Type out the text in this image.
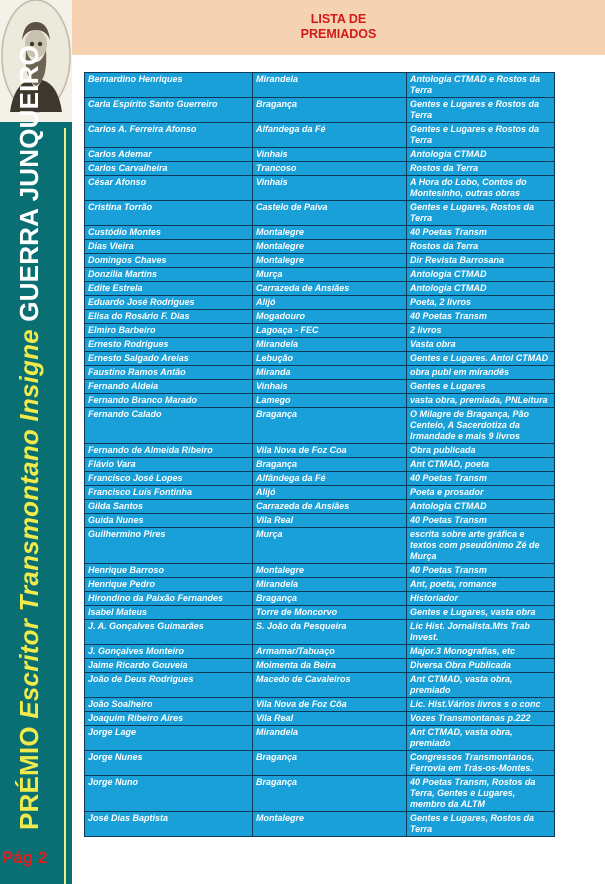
PRÉMIO Escritor Transmontano Insigne GUERRA JUNQUEIRO
Pág 2
LISTA DE
PREMIADOS
Bernardino Henriques	Mirandela	Antologia CTMAD e Rostos da Terra
Carla Espírito Santo Guerreiro	Bragança	Gentes e Lugares e Rostos da Terra
Carlos A. Ferreira Afonso	Alfandega da Fé	Gentes e Lugares e Rostos da Terra
Carlos Ademar	Vinhais	Antologia CTMAD
Carlos Carvalheira	Trancoso	Rostos da Terra
César Afonso	Vinhais	A Hora do Lobo, Contos do Montesinho, outras obras
Cristina Torrão	Castelo de Paiva	Gentes e Lugares, Rostos da Terra
Custódio Montes	Montalegre	40 Poetas Transm
Dias Vieira	Montalegre	Rostos da Terra
Domingos Chaves	Montalegre	Dir Revista Barrosana
Donzília Martins	Murça	Antologia CTMAD
Edite Estrela	Carrazeda de Ansiães	Antologia CTMAD
Eduardo José Rodrigues	Alijó	Poeta, 2 livros
Elisa do Rosário F. Dias	Mogadouro	40 Poetas Transm
Elmiro Barbeiro	Lagoaça - FEC	2 livros
Ernesto Rodrigues	Mirandela	Vasta obra
Ernesto Salgado Areias	Lebução	Gentes e Lugares. Antol CTMAD
Faustino Ramos Antão	Miranda	obra publ em mirandês
Fernando Aldeia	Vinhais	Gentes e Lugares
Fernando Branco Marado	Lamego	vasta obra, premiada, PNLeitura
Fernando Calado	Bragança	O Milagre de Bragança, Pão Centeio, A Sacerdotiza da Irmandade e mais 9 livros
Fernando de Almeida Ribeiro	Vila Nova de Foz Coa	Obra publicada
Flávio Vara	Bragança	Ant CTMAD, poeta
Francisco José Lopes	Alfândega da Fé	40 Poetas Transm
Francisco Luís Fontinha	Alijó	Poeta e prosador
Gilda Santos	Carrazeda de Ansiães	Antologia CTMAD
Guida Nunes	Vila Real	40 Poetas Transm
Guilhermino Pires	Murça	escrita sobre arte gráfica e textos com pseudónimo Zé de Murça
Henrique Barroso	Montalegre	40 Poetas Transm
Henrique Pedro	Mirandela	Ant, poeta, romance
Hirondino da Paixão Fernandes	Bragança	Historiador
Isabel Mateus	Torre de Moncorvo	Gentes e Lugares, vasta obra
J. A. Gonçalves Guimarães	S. João da Pesqueira	Lic Hist. Jornalista.Mts Trab Invest.
J. Gonçalves Monteiro	Armamar/Tabuaço	Major.3 Monografias, etc
Jaime Ricardo Gouveia	Moimenta da Beira	Diversa Obra Publicada
João de Deus Rodrigues	Macedo de Cavaleiros	Ant CTMAD, vasta obra, premiado
João Soalheiro	Vila Nova de Foz Côa	Lic. Hist.Vários livros s o conc
Joaquim Ribeiro Aires	Vila Real	Vozes Transmontanas p.222
Jorge Lage	Mirandela	Ant CTMAD, vasta obra, premiado
Jorge Nunes	Bragança	Congressos Transmontanos, Ferrovia em Trás-os-Montes.
Jorge Nuno	Bragança	40 Poetas Transm, Rostos da Terra, Gentes e Lugares, membro da ALTM
José Dias Baptista	Montalegre	Gentes e Lugares, Rostos da Terra
